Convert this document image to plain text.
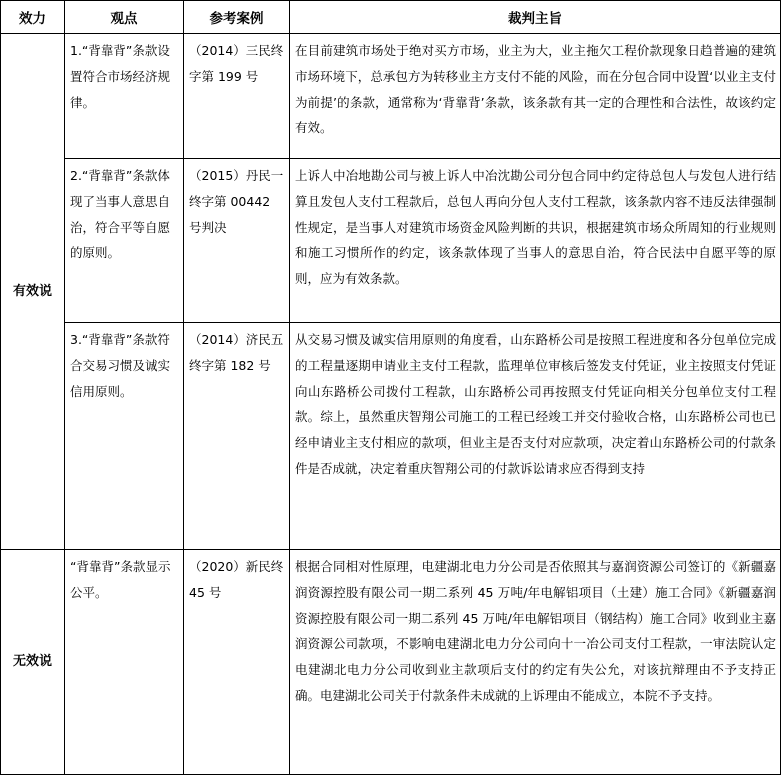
效力	观点	参考案例	裁判主旨
有效说	1.“背靠背”条款设置符合市场经济规律。	（2014）三民终字第 199 号	在目前建筑市场处于绝对买方市场，业主为大，业主拖欠工程价款现象日趋普遍的建筑市场环境下，总承包方为转移业主方支付不能的风险，而在分包合同中设置‘以业主支付为前提’的条款，通常称为‘背靠背’条款，该条款有其一定的合理性和合法性，故该约定有效。
	2.“背靠背”条款体现了当事人意思自治，符合平等自愿的原则。	（2015）丹民一终字第 00442 号判决	上诉人中冶地勘公司与被上诉人中冶沈勘公司分包合同中约定待总包人与发包人进行结算且发包人支付工程款后，总包人再向分包人支付工程款，该条款内容不违反法律强制性规定，是当事人对建筑市场资金风险判断的共识，根据建筑市场众所周知的行业规则和施工习惯所作的约定，该条款体现了当事人的意思自治，符合民法中自愿平等的原则，应为有效条款。
	3.“背靠背”条款符合交易习惯及诚实信用原则。	（2014）济民五终字第 182 号	从交易习惯及诚实信用原则的角度看，山东路桥公司是按照工程进度和各分包单位完成的工程量逐期申请业主支付工程款，监理单位审核后签发支付凭证，业主按照支付凭证向山东路桥公司拨付工程款，山东路桥公司再按照支付凭证向相关分包单位支付工程款。综上，虽然重庆智翔公司施工的工程已经竣工并交付验收合格，山东路桥公司也已经申请业主支付相应的款项，但业主是否支付对应款项，决定着山东路桥公司的付款条件是否成就，决定着重庆智翔公司的付款诉讼请求应否得到支持
无效说	“背靠背”条款显示公平。	（2020）新民终 45 号	根据合同相对性原理，电建湖北电力分公司是否依照其与嘉润资源公司签订的《新疆嘉润资源控股有限公司一期二系列 45 万吨/年电解铝项目（土建）施工合同》《新疆嘉润资源控股有限公司一期二系列 45 万吨/年电解铝项目（钢结构）施工合同》收到业主嘉润资源公司款项，不影响电建湖北电力分公司向十一冶公司支付工程款，一审法院认定电建湖北电力分公司收到业主款项后支付的约定有失公允，对该抗辩理由不予支持正确。电建湖北公司关于付款条件未成就的上诉理由不能成立，本院不予支持。
